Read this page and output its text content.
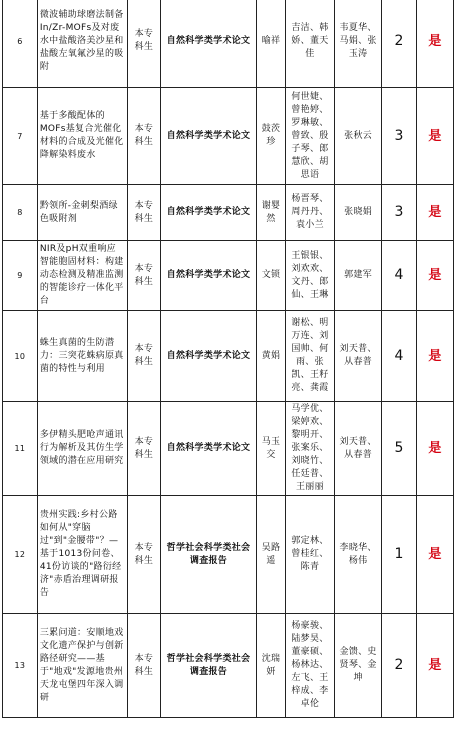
6	微波辅助球磨法制备In/Zr-MOFs及对废水中盐酸洛美沙星和盐酸左氧氟沙星的吸附	本专科生	自然科学类学术论文	喻祥	吉洁、韩娇、董天佳	韦夏华、马娟、张玉涛	2	是
7	基于多酸配体的MOFs基复合光催化材料的合成及光催化降解染料废水	本专科生	自然科学类学术论文	鼓茨珍	何世婕、曾艳婷、罗琳敏、曾致、殷子琴、郎慧欣、胡思语	张秋云	3	是
8	黔领所-金刺梨酒绿色吸附剂	本专科生	自然科学类学术论文	谢婴然	杨晋琴、周丹丹、袁小兰	张晓娟	3	是
9	NIR及pH双重响应智能胞固材料：构建动态检测及精准监测的智能诊疗一体化平台	本专科生	自然科学类学术论文	文锁	王银银、刘欢欢、文丹、郎仙、王琳	郭建军	4	是
10	蛛生真菌的生防潜力：三突花蛛病原真菌的特性与利用	本专科生	自然科学类学术论文	黄娟	谢松、明万连、刘国帅、何雨、张凯、王籽亮、龚霞	刘天普、从春普	4	是
11	多伊精头肥呛声通讯行为解析及其仿生学领域的潜在应用研究	本专科生	自然科学类学术论文	马玉交	马学优、梁婷欢、黎明开、张案乐、刘晓竹、任廷普、王丽丽	刘天普、从春普	5	是
12	贵州实践:乡村公路如何从"穿脑过"到"金腰带"？—基于1013份问卷、41份访谈的"路衍经济"赤盾治理调研报告	本专科生	哲学社会科学类社会调查报告	吴路遥	郭定林、曾桂红、陈青	李晓华、杨伟	1	是
13	三累问道：安顺地戏文化遗产保护与创新路径研究——基于"地戏"发源地贵州天龙屯堡四年深入调研	本专科生	哲学社会科学类社会调查报告	沈瑞妍	杨豪骏、陆梦昊、董豪硕、杨林达、左飞、王梓成、李卓伦	金馈、史贤琴、金坤	2	是
